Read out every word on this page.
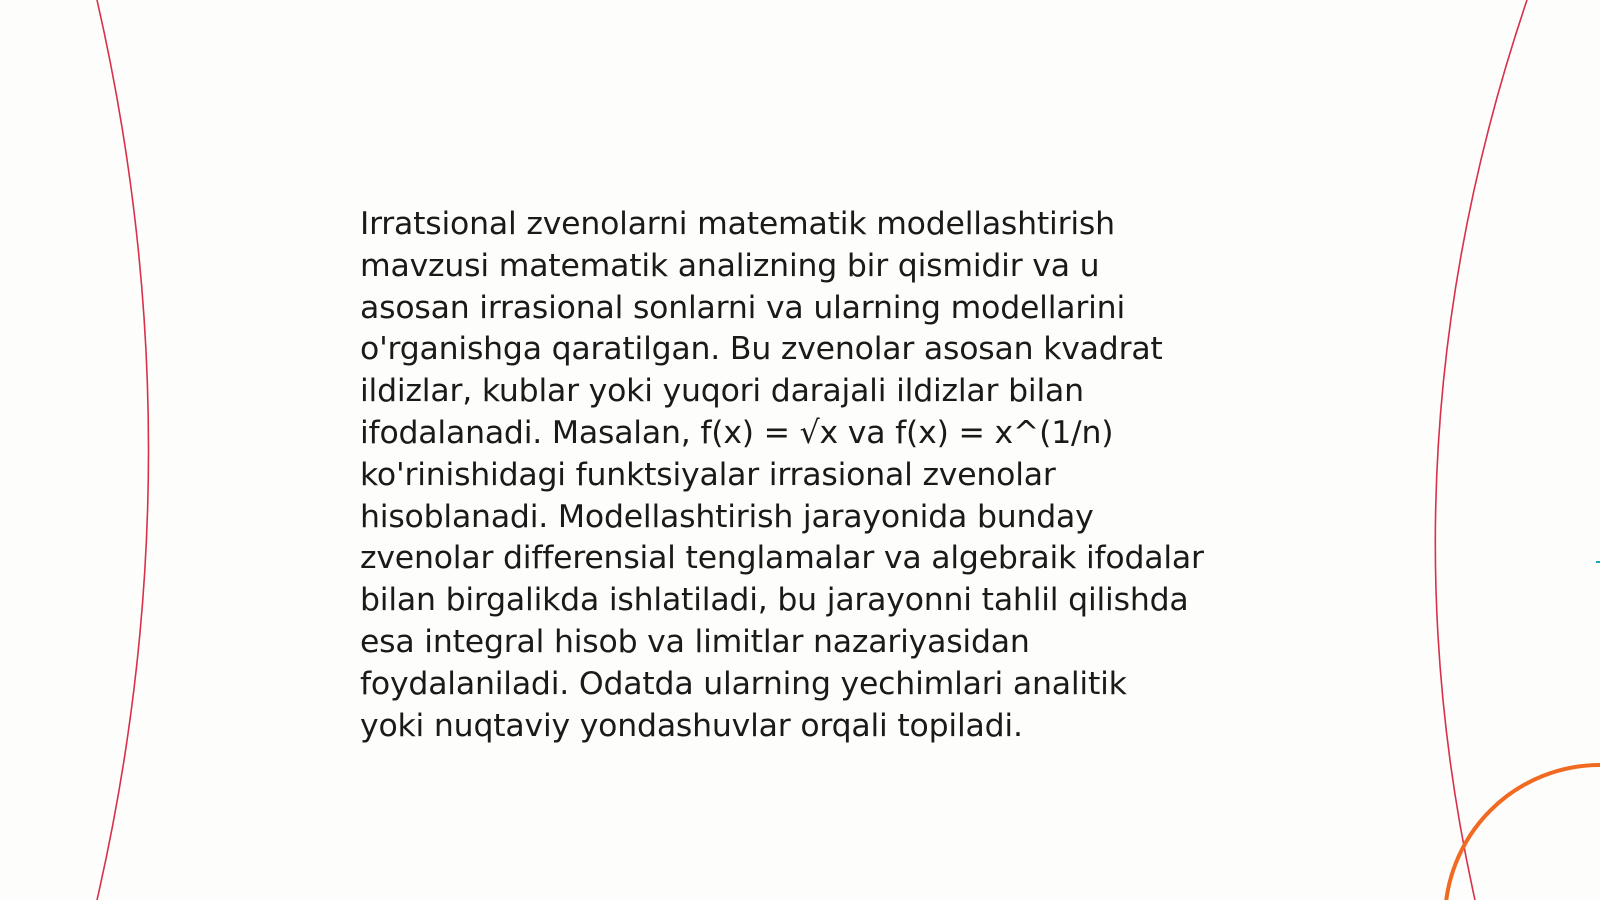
Irratsional zvenolarni matematik modellashtirish
mavzusi matematik analizning bir qismidir va u
asosan irrasional sonlarni va ularning modellarini
o'rganishga qaratilgan. Bu zvenolar asosan kvadrat
ildizlar, kublar yoki yuqori darajali ildizlar bilan
ifodalanadi. Masalan, f(x) = √x va f(x) = x^(1/n)
ko'rinishidagi funktsiyalar irrasional zvenolar
hisoblanadi. Modellashtirish jarayonida bunday
zvenolar differensial tenglamalar va algebraik ifodalar
bilan birgalikda ishlatiladi, bu jarayonni tahlil qilishda
esa integral hisob va limitlar nazariyasidan
foydalaniladi. Odatda ularning yechimlari analitik
yoki nuqtaviy yondashuvlar orqali topiladi.
